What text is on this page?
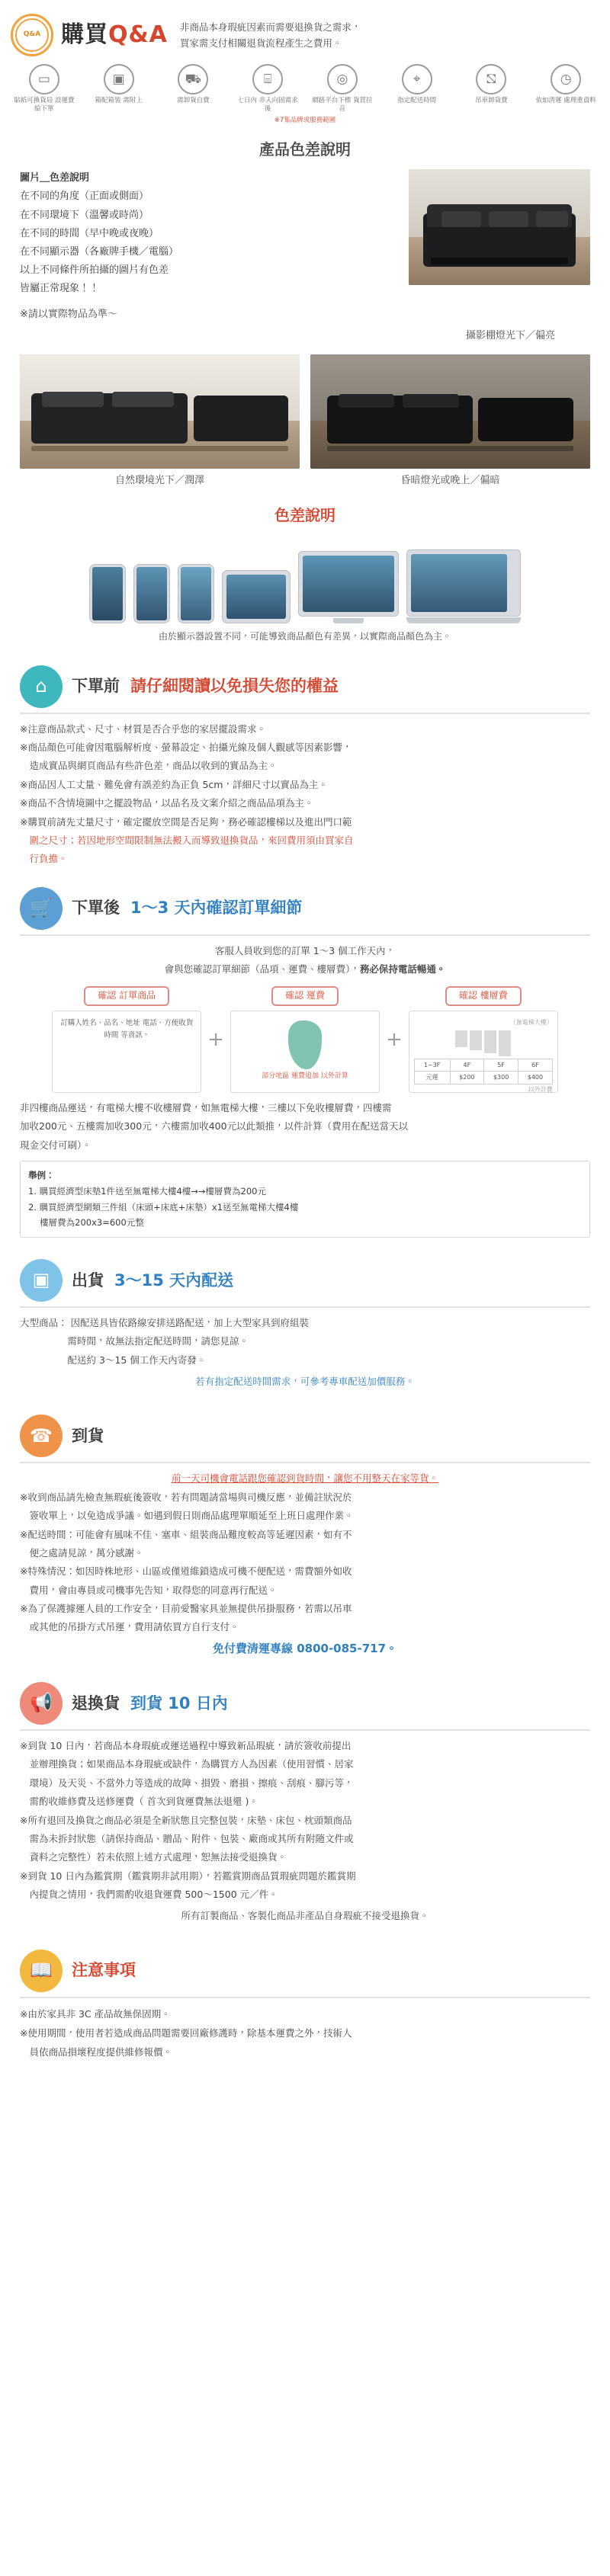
Q&A 購買Q&A 非商品本身瑕疵因素而需要退換貨之需求，
買家需支付相關退貨流程產生之費用。
▭
貼紙可換貨局 設運費給下單
▣
箱配箱裝 需附上
⛟
需卸貨自費
⌸
七日內 非入向固需求後
◎
網路平台下標 貨買拉音
⌖
指定配送時間
⛞
吊車卸貨費
◷
依如清運 處理重資料
※7集品牌或服務範圍
產品色差說明
圖片＿色差說明
在不同的角度（正面或側面）
在不同環境下（溫馨或時尚）
在不同的時間（早中晚或夜晚）
在不同顯示器（各廠牌手機／電腦）
以上不同條件所拍攝的圖片有色差
皆屬正常現象！！
※請以實際物品為準～
攝影棚燈光下／偏亮
自然環境光下／潤澤	昏暗燈光或晚上／偏暗
色差說明
由於顯示器設置不同，可能導致商品顏色有差異，以實際商品顏色為主。
⌂	下單前 請仔細閱讀以免損失您的權益
※注意商品款式、尺寸、材質是否合乎您的家居擺設需求。
※商品顏色可能會因電腦解析度、螢幕設定、拍攝光線及個人觀感等因素影響，
　造成實品與網頁商品有些許色差，商品以收到的實品為主。
※商品因人工丈量、難免會有誤差約為正負 5cm，詳細尺寸以實品為主。
※商品不含情境圖中之擺設物品，以品名及文案介紹之商品品項為主。
※購買前請先丈量尺寸，確定擺放空間是否足夠，務必確認樓梯以及進出門口範
　圍之尺寸；若因地形空間限制無法搬入而導致退換貨品，來回費用須由買家自
　行負擔。
🛒	下單後 1～3 天內確認訂單細節
客服人員收到您的訂單 1～3 個工作天內，
會與您確認訂單細節（品項、運費、樓層費），務必保持電話暢通。
確認 訂單商品
訂購人姓名、品名、地址 電話、方便收貨時間 等資訊。	+
確認 運費
部分地區 運費追加 以外計算
+
確認 樓層費
（無電梯大樓）
1~3F	4F	5F	6F
元運	$200	$300	$400
以外計費
非四樓商品運送，有電梯大樓不收樓層費，如無電梯大樓，三樓以下免收樓層費，四樓需
加收200元、五樓需加收300元，六樓需加收400元以此類推，以件計算（費用在配送當天以
現金交付可刷）。
舉例：
1. 購買經濟型床墊1件送至無電梯大樓4樓→→樓層費為200元
2. 購買經濟型網類三件組（床頭+床底+床墊）x1送至無電梯大樓4樓
　 樓層費為200x3=600元整
▣	出貨 3～15 天內配送
大型商品： 因配送具皆依路線安排送路配送，加上大型家具到府組裝
　　　　　需時間，故無法指定配送時間，請您見諒。
　　　　　配送約 3～15 個工作天內寄發。
若有指定配送時間需求，可參考專車配送加價服務。
☎	到貨
前一天司機會電話跟您確認到貨時間，讓您不用整天在家等貨。
※收到商品請先檢查無瑕疵後簽收，若有問題請當場與司機反應，並備註狀況於
　簽收單上，以免造成爭議。如遇到假日則商品處理單順延至上班日處理作業。
※配送時間：可能會有風味不佳、塞車、組裝商品難度較高等延遲因素，如有不
　便之處請見諒，萬分感謝。
※特殊情況：如因時株地形、山區或僅道維鎖造成可機不便配送，需費額外如收
　費用，會由專員或司機事先告知，取得您的同意再行配送。
※為了保護據運人員的工作安全，目前愛醫家具並無提供吊掛服務，若需以吊車
　或其他的吊掛方式吊運，費用請依買方自行支付。
免付費清運專線 0800-085-717。
📢	退換貨 到貨 10 日內
※到貨 10 日內，若商品本身瑕疵或運送過程中導致新品瑕疵，請於簽收前提出
　並辦理換貨；如果商品本身瑕疵或缺件，為購買方人為因素（使用習慣、居家
　環境）及天災、不當外力等造成的故障、損毀、磨損、擦痕、刮痕、腳污等，
　需酌收維修費及送修運費（ 首次到貨運費無法退還 )。
※所有退回及換貨之商品必須是全新狀態且完整包裝，床墊、床包、枕頭類商品
　需為未拆封狀態（請保持商品、贈品、附件、包裝、廠商或其所有附隨文件或
　資料之完整性）若未依照上述方式處理，恕無法接受退換貨。
※到貨 10 日內為鑑賞期（鑑賞期非試用期），若鑑賞期商品質瑕疵問題於鑑賞期
　內提貨之情用，我們需酌收退貨運費 500～1500 元／件。
所有訂製商品、客製化商品非產品自身瑕疵不接受退換貨。
📖	注意事項
※由於家具非 3C 產品故無保固期。
※使用期間，使用者若造成商品問題需要回廠修護時，除基本運費之外，技術人
　員依商品損壞程度提供維修報價。
